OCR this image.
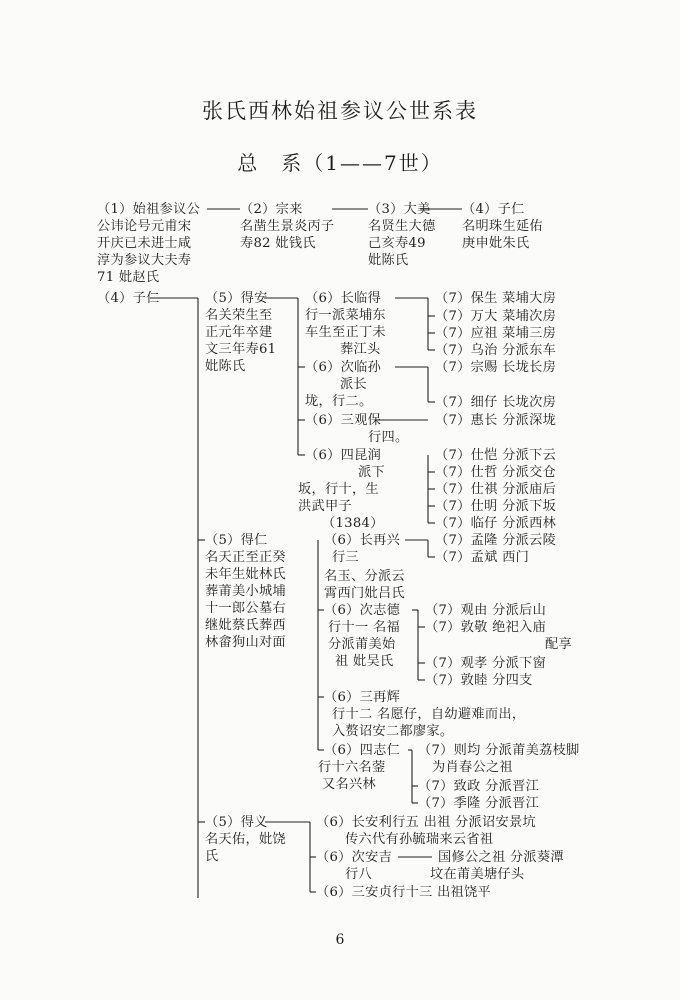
张氏西林始祖参议公世系表
总　系（1——7世）
（1）始祖参议公
公讳论号元甫宋
开庆已未进士咸
淳为参议大夫寿
71 妣赵氏
（2）宗来
名凿生景炎丙子
寿82 妣钱氏
（3）大美
名贤生大德
己亥寿49
妣陈氏
（4）子仁
名明珠生延佑
庚申妣朱氏
（4）子仁	（5）得安
名关荣生至
正元年卒建
文三年寿61
妣陈氏
（6）长临得
行一派菜埔东
车生至正丁未
葬江头
（7）保生 菜埔大房
（7）万大 菜埔次房
（7）应祖 菜埔三房
（7）乌治 分派东车
（6）次临孙
派长
垅，行二。
（7）宗赐 长垅长房
（7）细仔 长垅次房
（6）三观保
行四。
（7）惠长 分派深垅
（6）四昆润
派下
坂，行十，生
洪武甲子
（1384）
（7）仕恺 分派下云
（7）仕哲 分派交仓
（7）仕祺 分派庙后
（7）仕明 分派下坂
（7）临仔 分派西林
（5）得仁
名天正至正癸
未年生妣林氏
葬莆美小城埔
十一郎公墓右
继妣蔡氏葬西
林畲狗山对面
（6）长再兴
行三
名玉、分派云
霄西门妣吕氏
（7）孟隆 分派云陵
（7）孟斌 西门
（6）次志德
行十一 名福
分派莆美始
祖 妣吴氏
（7）观由 分派后山
（7）敦敬 绝祀入庙
配享
（7）观孝 分派下窗
（7）敦睦 分四支
（6）三再辉
行十二 名愿仔，自幼避难而出，
入赘诏安二都廖家。
（6）四志仁
行十六名蓥
又名兴林
（7）则均 分派莆美荔枝脚
为肖春公之祖
（7）致政 分派晋江
（7）季隆 分派晋江
（5）得义
名天佑，妣饶
氏
（6）长安利行五 出祖 分派诏安景坑
传六代有孙毓瑞来云省祖
（6）次安吉	国修公之祖 分派葵潭
行八	坟在莆美塘仔头
（6）三安贞行十三 出祖饶平
6
